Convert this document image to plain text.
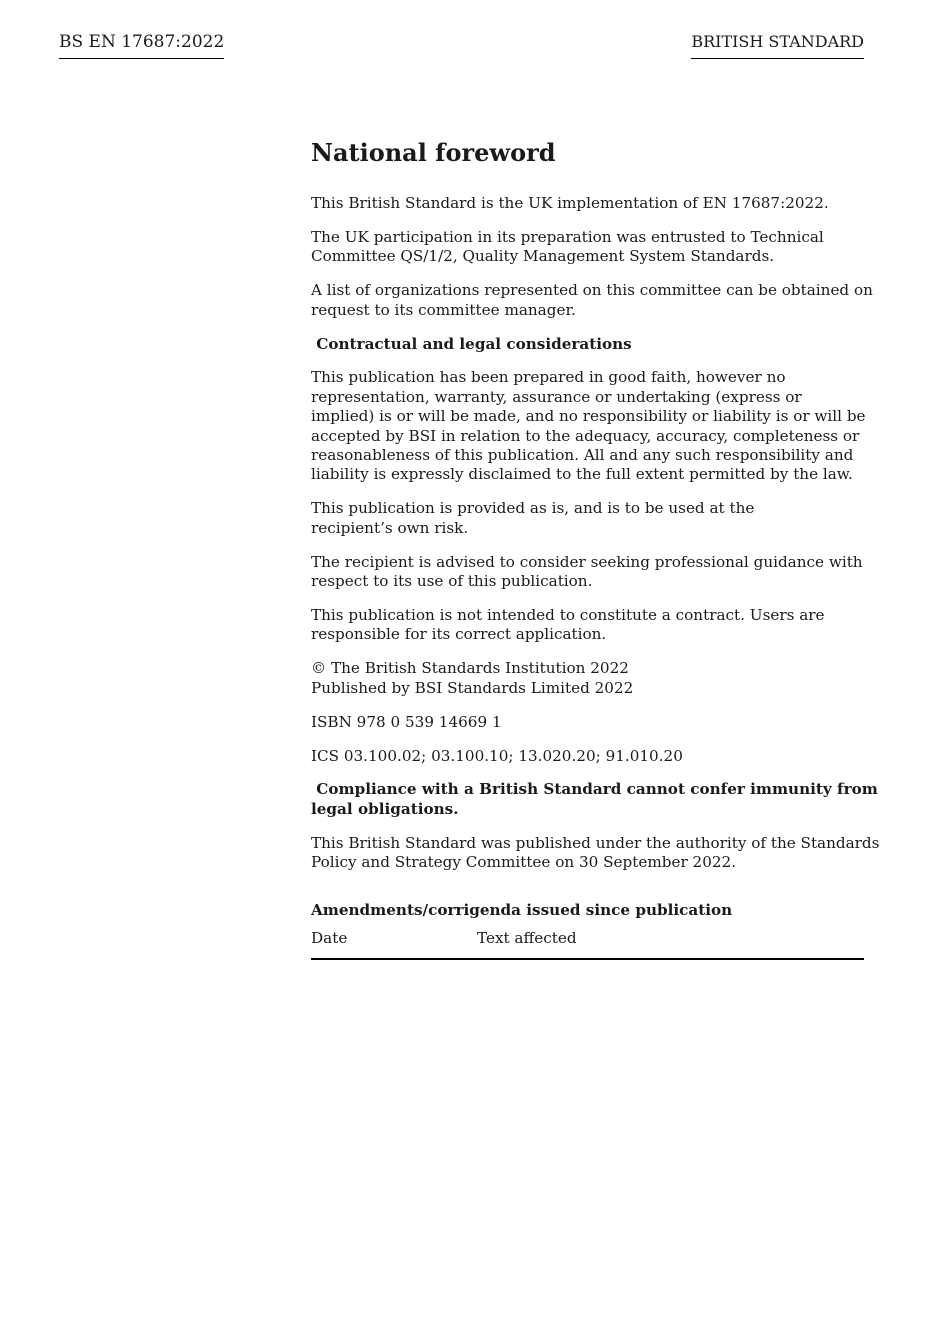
BS EN 17687:2022	BRITISH STANDARD
National foreword
This British Standard is the UK implementation of EN 17687:2022.
The UK participation in its preparation was entrusted to Technical
Committee QS/1/2, Quality Management System Standards.
A list of organizations represented on this committee can be obtained on
request to its committee manager.
Contractual and legal considerations
This publication has been prepared in good faith, however no
representation, warranty, assurance or undertaking (express or
implied) is or will be made, and no responsibility or liability is or will be
accepted by BSI in relation to the adequacy, accuracy, completeness or
reasonableness of this publication. All and any such responsibility and
liability is expressly disclaimed to the full extent permitted by the law.
This publication is provided as is, and is to be used at the
recipient’s own risk.
The recipient is advised to consider seeking professional guidance with
respect to its use of this publication.
This publication is not intended to constitute a contract. Users are
responsible for its correct application.
© The British Standards Institution 2022
Published by BSI Standards Limited 2022
ISBN 978 0 539 14669 1
ICS 03.100.02; 03.100.10; 13.020.20; 91.010.20
Compliance with a British Standard cannot confer immunity from
legal obligations.
This British Standard was published under the authority of the Standards
Policy and Strategy Committee on 30 September 2022.
Amendments/corrigenda issued since publication
Date	Text affected
